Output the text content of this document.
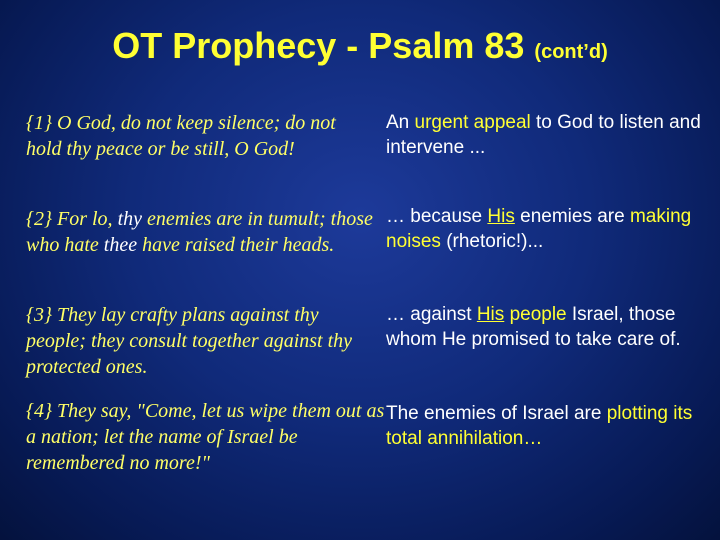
OT Prophecy - Psalm 83 (cont’d)
{1} O God, do not keep silence; do not hold thy peace or be still, O God!
An urgent appeal to God to listen and intervene ...
{2} For lo, thy enemies are in tumult; those who hate thee have raised their heads.
… because His enemies are making noises (rhetoric!)...
{3} They lay crafty plans against thy people; they consult together against thy protected ones.
… against His people Israel, those whom He promised to take care of.
{4} They say, "Come, let us wipe them out as a nation; let the name of Israel be remembered no more!"
The enemies of Israel are plotting its total annihilation…
